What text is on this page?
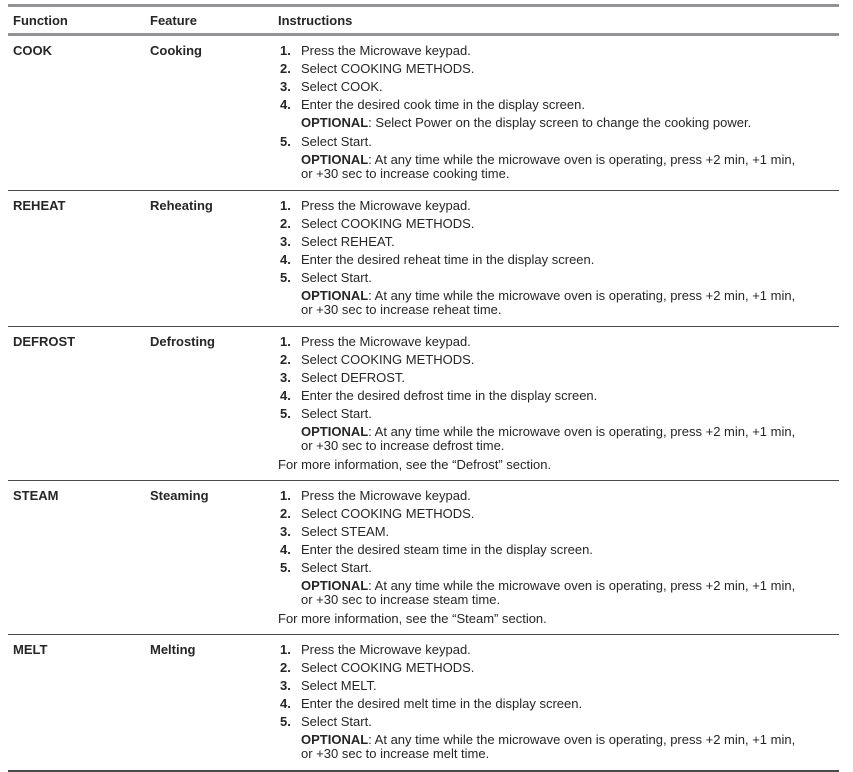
Function	Feature	Instructions
COOK	Cooking	1. Press the Microwave keypad.
2. Select COOKING METHODS.
3. Select COOK.
4. Enter the desired cook time in the display screen.
OPTIONAL: Select Power on the display screen to change the cooking power.
5. Select Start.
OPTIONAL: At any time while the microwave oven is operating, press +2 min, +1 min,
or +30 sec to increase cooking time.
REHEAT	Reheating	1. Press the Microwave keypad.
2. Select COOKING METHODS.
3. Select REHEAT.
4. Enter the desired reheat time in the display screen.
5. Select Start.
OPTIONAL: At any time while the microwave oven is operating, press +2 min, +1 min,
or +30 sec to increase reheat time.
DEFROST	Defrosting	1. Press the Microwave keypad.
2. Select COOKING METHODS.
3. Select DEFROST.
4. Enter the desired defrost time in the display screen.
5. Select Start.
OPTIONAL: At any time while the microwave oven is operating, press +2 min, +1 min,
or +30 sec to increase defrost time.
For more information, see the “Defrost” section.
STEAM	Steaming	1. Press the Microwave keypad.
2. Select COOKING METHODS.
3. Select STEAM.
4. Enter the desired steam time in the display screen.
5. Select Start.
OPTIONAL: At any time while the microwave oven is operating, press +2 min, +1 min,
or +30 sec to increase steam time.
For more information, see the “Steam” section.
MELT	Melting	1. Press the Microwave keypad.
2. Select COOKING METHODS.
3. Select MELT.
4. Enter the desired melt time in the display screen.
5. Select Start.
OPTIONAL: At any time while the microwave oven is operating, press +2 min, +1 min,
or +30 sec to increase melt time.
